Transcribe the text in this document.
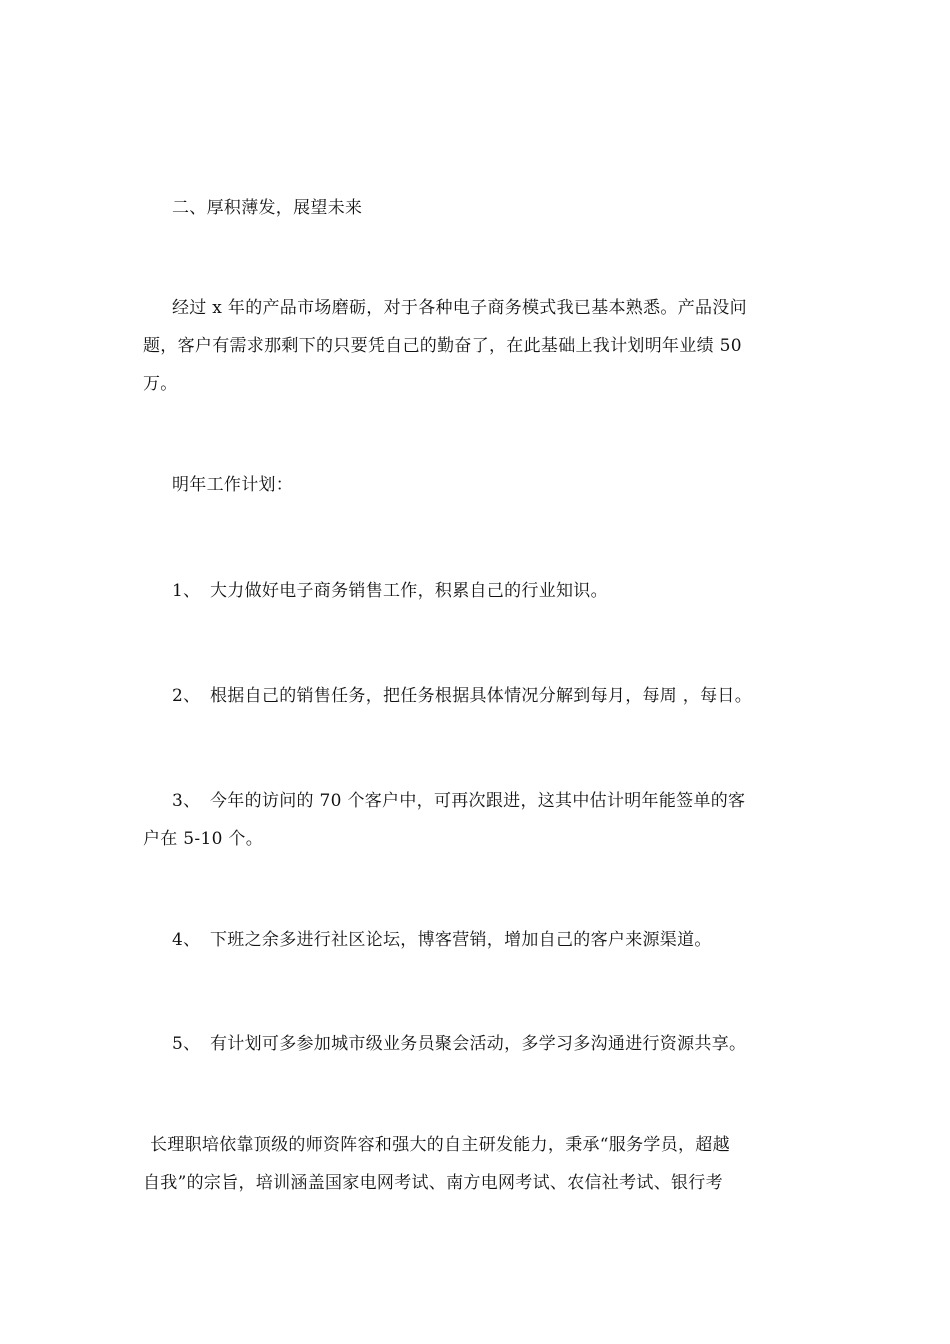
二、厚积薄发，展望未来

经过 x 年的产品市场磨砺，对于各种电子商务模式我已基本熟悉。产品没问

题，客户有需求那剩下的只要凭自己的勤奋了，在此基础上我计划明年业绩 50

万。

明年工作计划：

1、 大力做好电子商务销售工作，积累自己的行业知识。

2、 根据自己的销售任务，把任务根据具体情况分解到每月，每周 ，每日。

3、 今年的访问的 70 个客户中，可再次跟进，这其中估计明年能签单的客

户在 5-10 个。

4、 下班之余多进行社区论坛，博客营销，增加自己的客户来源渠道。

5、 有计划可多参加城市级业务员聚会活动，多学习多沟通进行资源共享。

长理职培依靠顶级的师资阵容和强大的自主研发能力，秉承“服务学员，超越

自我”的宗旨，培训涵盖国家电网考试、南方电网考试、农信社考试、银行考
